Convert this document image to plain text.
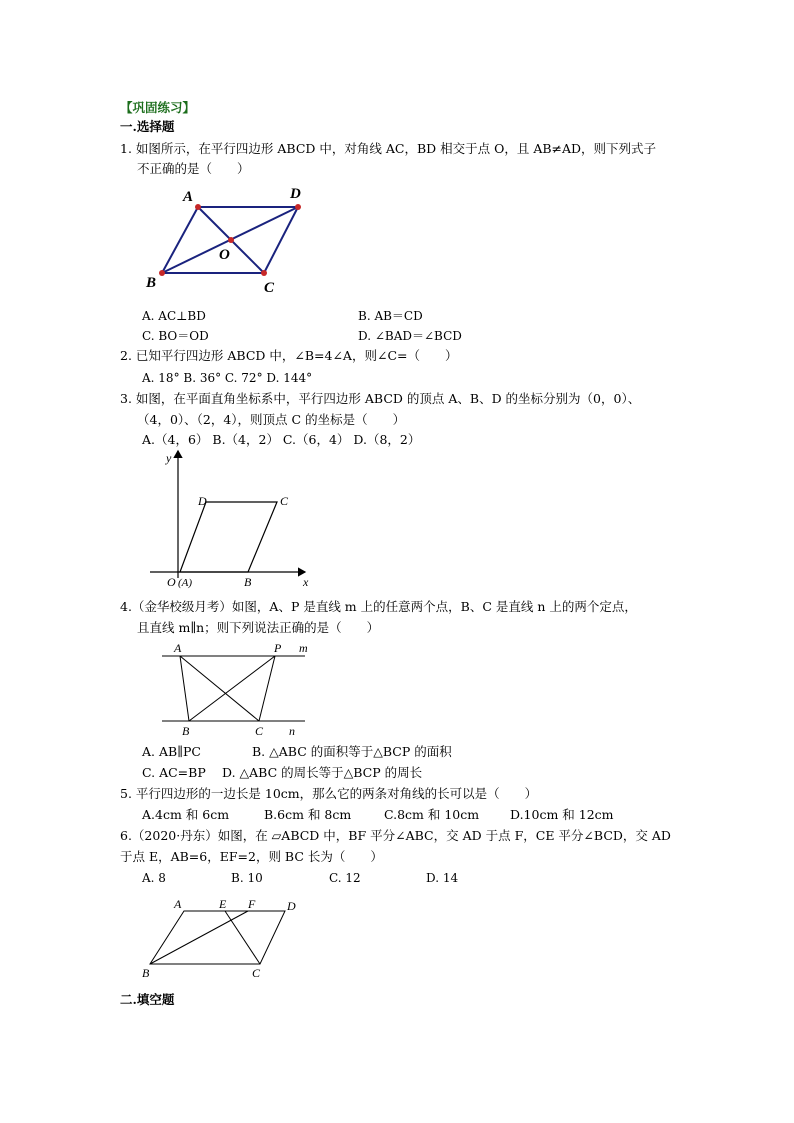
【巩固练习】
一.选择题
1. 如图所示，在平行四边形 ABCD 中，对角线 AC，BD 相交于点 O，且 AB≠AD，则下列式子
不正确的是（　　）
A	D
B	C
O
A. AC⊥BD	B. AB＝CD
C. BO＝OD	D. ∠BAD＝∠BCD
2. 已知平行四边形 ABCD 中，∠B=4∠A，则∠C=（　　）
A. 18° B. 36° C. 72° D. 144°
3. 如图，在平面直角坐标系中，平行四边形 ABCD 的顶点 A、B、D 的坐标分别为（0，0）、
（4，0）、（2，4），则顶点 C 的坐标是（　　）
A.（4，6） B.（4，2） C.（6，4） D.（8，2）
y
x
O (A)	B
D	C
4.（金华校级月考）如图，A、P 是直线 m 上的任意两个点，B、C 是直线 n 上的两个定点，
且直线 m∥n；则下列说法正确的是（　　）
A	P m
B	C n
A. AB∥PC	B. △ABC 的面积等于△BCP 的面积
C. AC=BP D. △ABC 的周长等于△BCP 的周长
5. 平行四边形的一边长是 10cm，那么它的两条对角线的长可以是（　　）
A.4cm 和 6cm	B.6cm 和 8cm	C.8cm 和 10cm D.10cm 和 12cm
6.（2020·丹东）如图，在 ▱ABCD 中，BF 平分∠ABC，交 AD 于点 F，CE 平分∠BCD，交 AD
于点 E，AB=6，EF=2，则 BC 长为（　　）
A. 8	B. 10	C. 12	D. 14
A	E F	D
B	C
二.填空题
